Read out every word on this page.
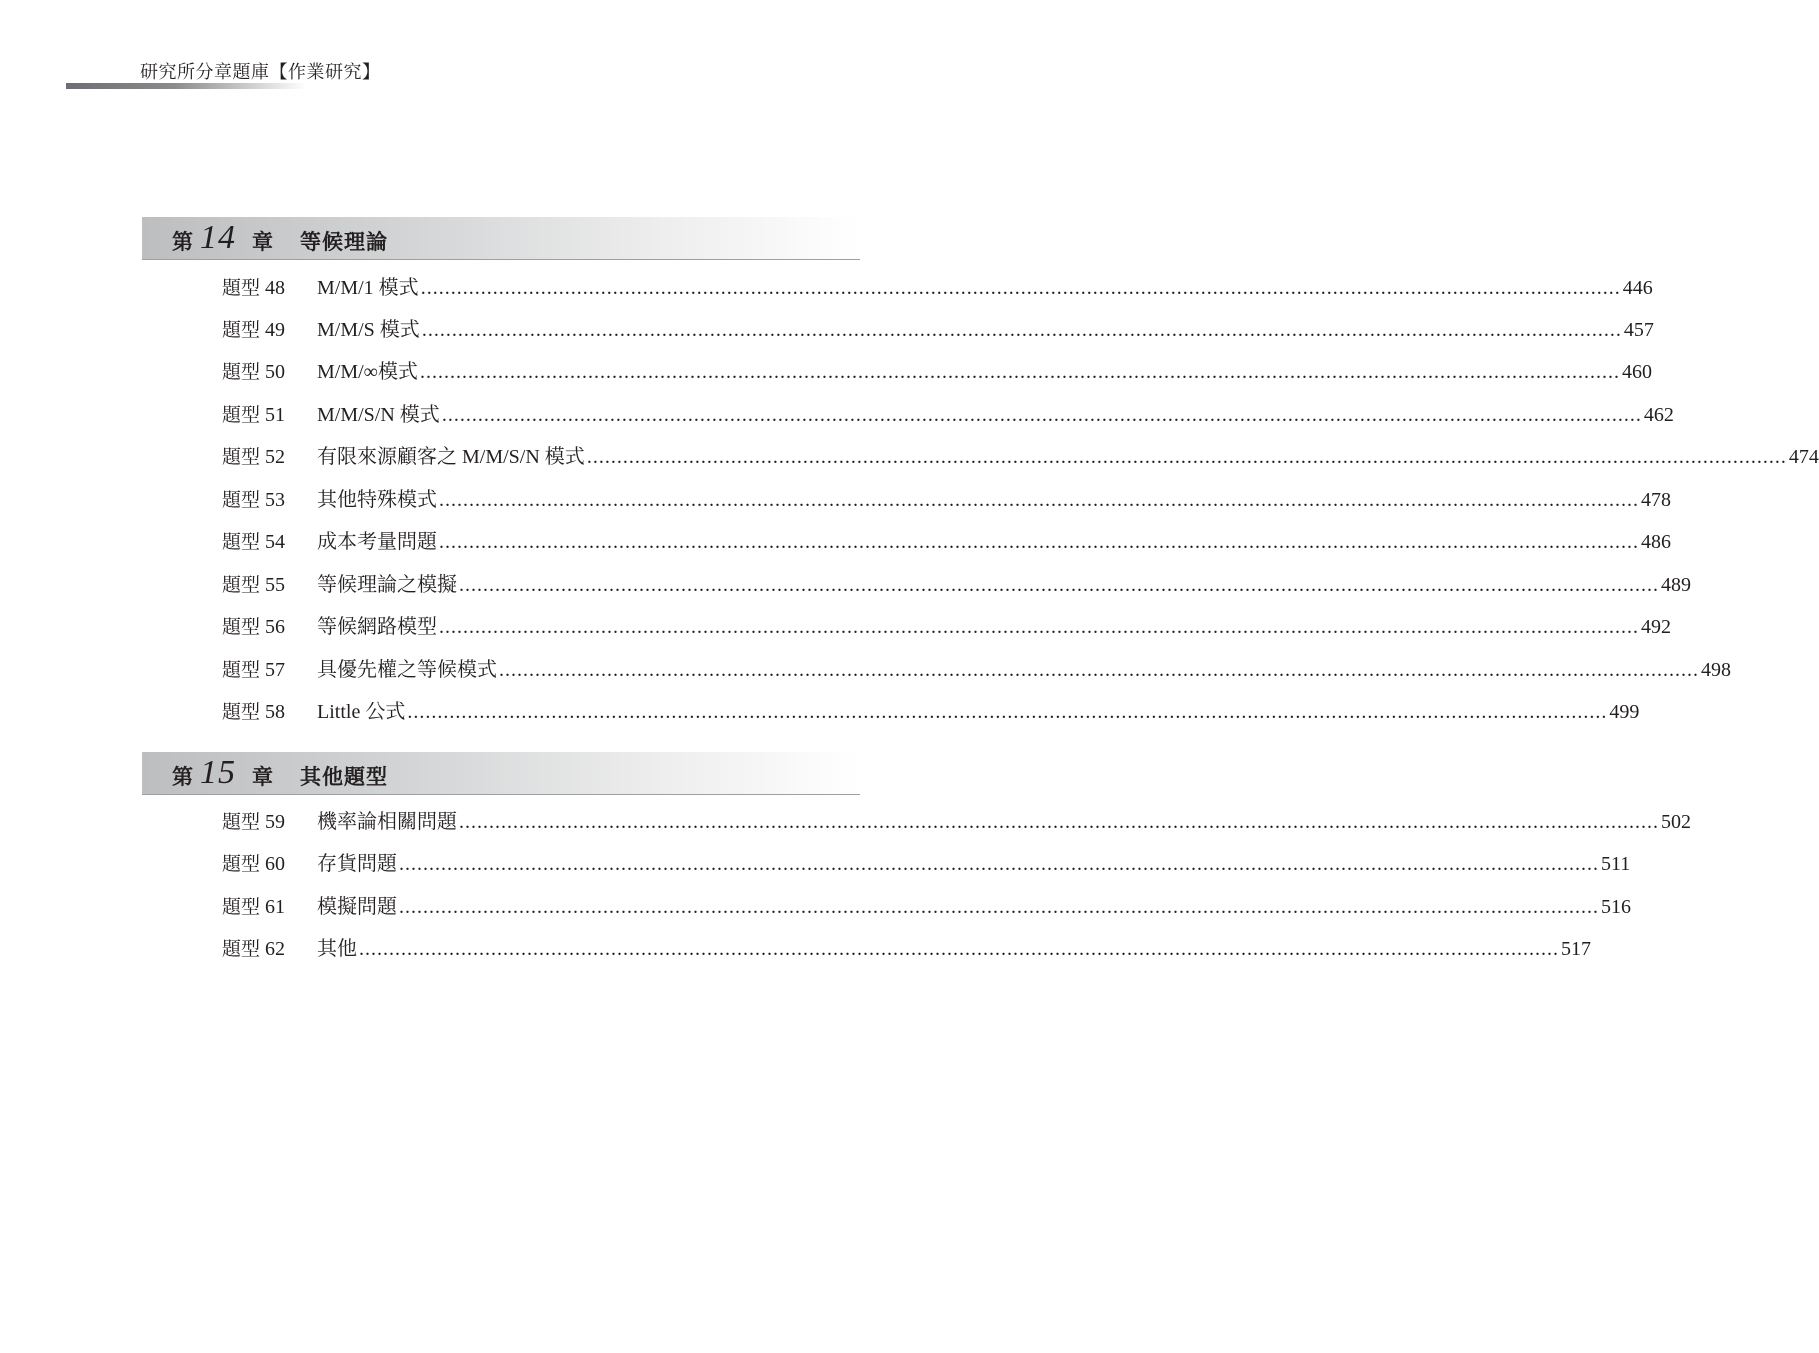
研究所分章題庫【作業研究】
第 14 章 等候理論
題型 48	M/M/1 模式 ........................................................................................................................................................................................................ 446
題型 49	M/M/S 模式 ........................................................................................................................................................................................................ 457
題型 50	M/M/∞模式 ........................................................................................................................................................................................................ 460
題型 51	M/M/S/N 模式 ........................................................................................................................................................................................................ 462
題型 52	有限來源顧客之 M/M/S/N 模式 ........................................................................................................................................................................................................ 474
題型 53	其他特殊模式 ........................................................................................................................................................................................................ 478
題型 54	成本考量問題 ........................................................................................................................................................................................................ 486
題型 55	等候理論之模擬 ........................................................................................................................................................................................................ 489
題型 56	等候網路模型 ........................................................................................................................................................................................................ 492
題型 57	具優先權之等候模式 ........................................................................................................................................................................................................ 498
題型 58	Little 公式 ........................................................................................................................................................................................................ 499
第 15 章 其他題型
題型 59	機率論相關問題 ........................................................................................................................................................................................................ 502
題型 60	存貨問題 ........................................................................................................................................................................................................ 511
題型 61	模擬問題 ........................................................................................................................................................................................................ 516
題型 62	其他 ........................................................................................................................................................................................................ 517
